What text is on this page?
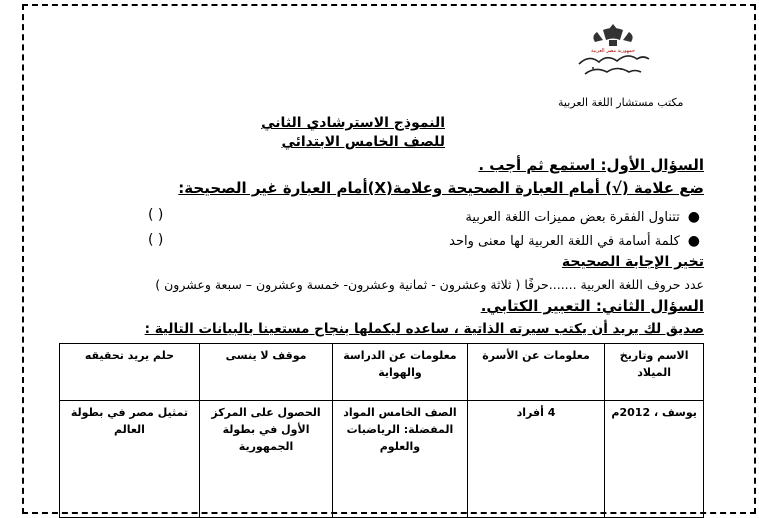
جمهورية مصر العربية
مكتب مستشار اللغة العربية
النموذج الاسترشادي الثاني
للصف الخامس الابتدائي
السؤال الأول: استمع ثم أجب .
ضع علامة (√) أمام العبارة الصحيحة وعلامة(X)أمام العبارة غير الصحيحة:
●
تتناول الفقرة بعض مميزات اللغة العربية
( )
●
كلمة أسامة في اللغة العربية لها معنى واحد
( )
تخير الإجابة الصحيحة
عدد حروف اللغة العربية .......حرفًا ( ثلاثة وعشرون - ثمانية وعشرون- خمسة وعشرون – سبعة وعشرون )
السؤال الثاني: التعبير الكتابي.
صديق لك يريد أن يكتب سيرته الذاتية ، ساعده ليكملها بنجاح مستعينا بالبيانات التالية :
الاسم وتاريخ الميلاد	معلومات عن الأسرة	معلومات عن الدراسة والهواية	موقف لا ينسى	حلم يريد تحقيقه

يوسف ، 2012م	4 أفراد	الصف الخامس المواد المفضلة: الرياضيات والعلوم	الحصول على المركز الأول في بطولة الجمهورية	تمثيل مصر في بطولة العالم
